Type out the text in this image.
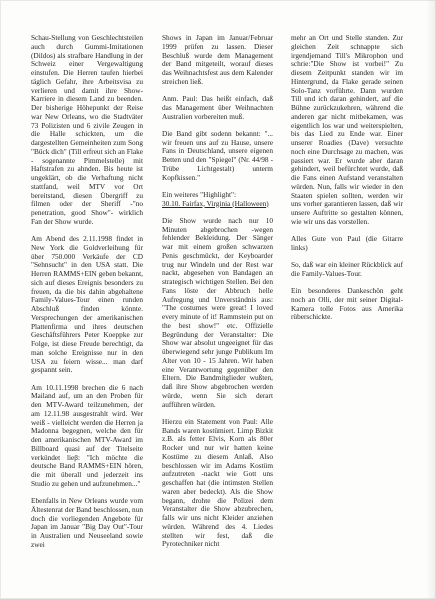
Schau-Stellung von Geschlechtsteilen auch durch Gummi-Imitationen (Dildos) als strafbare Handlung in der Schweiz einer Vergewaltigung einstufen. Die Herren taufen hierbei täglich Gefahr, ihre Arbeitsvisa zu verlieren und damit ihre Show-Karriere in diesem Land zu beenden. Der bisherige Höhepunkt der Reise war New Orleans, wo die Stadtväter 73 Polizisten und 6 zivile Zeugen in die Halle schickten, um die dargestellten Gemeinheiten zum Song "Bück dich" (Till erfreut sich an Flake - sogenannte Pimmelstelle) mit Haftstrafen zu ahnden. Bis heute ist ungeklärt, ob die Verhaftung nicht stattfand, weil MTV vor Ort bereitstand, diesen Übergriff zu filmen oder der Sheriff -"no penetration, good Show"- wirklich Fan der Show wurde.

Am Abend des 2.11.1998 findet in New York die Goldverleihung für über 750.000 Verkäufe der CD "Sehnsucht" in den USA statt. Die Herren RAMMS+EIN geben bekannt, sich auf dieses Ereignis besonders zu freuen, da die bis dahin abgehaltene Family-Values-Tour einen runden Abschluß finden könnte. Versprechungen der amerikanischen Plattenfirma und ihres deutschen Geschäftsführers Peter Koeppke zur Folge, ist diese Freude berechtigt, da man solche Ereignisse nur in den USA zu feiern wisse... man darf gespannt sein.

Am 10.11.1998 brechen die 6 nach Mailand auf, um an den Proben für den MTV-Award teilzunehmen, der am 12.11.98 ausgestrahlt wird. Wer weiß - vielleicht werden die Herren ja Madonna begegnen, welche den für den amerikanischen MTV-Award im Billboard quasi auf der Titelseite verkündet lieβ: "Ich möchte die deutsche Band RAMMS+EIN hören, die mit überall und jederzeit ins Studio zu gehen und aufzunehmen..."

Ebenfalls in New Orleans wurde vom Ältestenrat der Band beschlossen, nun doch die vorliegenden Angebote für Japan im Januar "Big Day Out"-Tour in Australien und Neuseeland sowie zwei

Shows in Japan im Januar/Februar 1999 prüfen zu lassen. Dieser Beschluß wurde dem Management der Band mitgeteilt, worauf dieses das Weihnachtsfest aus dem Kalender streichen ließ.

Anm. Paul: Das heißt einfach, daß das Management über Weihnachten Australien vorbereiten muß.

Die Band gibt sodenn bekannt: "... wir freuen uns auf zu Hause, unsere Fans in Deutschland, unsere eigenen Betten und den "Spiegel" (Nr. 44/98 - Trübe Lichtgestalt) unterm Kopfkissen."

Ein weiteres "Highlight":

30.10. Fairfax, Virginia (Halloween)

Die Show wurde nach nur 10 Minuten abgebrochen -wegen fehlender Bekleidung. Der Sänger war mit einem großen schwarzen Penis geschmückt, der Keyboarder trug nur Windeln und der Rest war nackt, abgesehen von Bandagen an strategisch wichtigen Stellen. Bei den Fans löste der Abbruch helle Aufregung und Unverständnis aus: "The costumes were great! I loved every minute of it! Rammstein put on the best show!" etc. Offizielle Begründung der Veranstalter: Die Show war absolut ungeeignet für das überwiegend sehr junge Publikum Im Alter von 10 - 15 Jahren. Wir haben eine Verantwortung gegenüber den Eltern. Die Bandmitglieder wußten, daß ihre Show abgebrochen werden würde, wenn Sie sich derart aufführen würden.

Hierzu ein Statement von Paul: Alle Bands waren kostümiert. Limp Bizkit z.B. als fetter Elvis, Korn als 80er Rocker und nur wir hatten keine Kostüme zu diesem Anlaß. Also beschlossen wir im Adams Kostüm aufzutreten -nackt wie Gott uns geschaffen hat (die intimsten Stellen waren aber bedeckt). Als die Show begann, drohte die Polizei dem Veranstalter die Show abzubrechen, falls wir uns nicht Kleider anziehen würden. Während des 4. Liedes stellten wir fest, daß die Pyrotechniker nicht

mehr an Ort und Stelle standen. Zur gleichen Zeit schnappte sich irgendjemand Till's Mikrophon und schrie:"Die Show ist vorbei!" Zu diesem Zeitpunkt standen wir im Hintergrund, da Flake gerade seinen Solo-Tanz vorführte. Dann wurden Till und ich daran gehindert, auf die Bühne zurückzukehren, während die anderen gar nicht mitbekamen, was eigentlich los war und weiterspielten, bis das Lied zu Ende war. Einer unserer Roadies (Dave) versuchte noch eine Durchsage zu machen, was passiert war. Er wurde aber daran gehindert, weil befürchtet wurde, daß die Fans einen Aufstand veranstalten würden. Nun, falls wir wieder in den Staaten spielen sollten, werden wir uns vorher garantieren lassen, daß wir unsere Auftritte so gestalten können, wie wir uns das vorstellen.

Alles Gute von Paul (die Gitarre links)

So, daß war ein kleiner Rückblick auf die Family-Values-Tour.

Ein besonderes Dankeschön geht noch an Olli, der mit seiner Digital-Kamera tolle Fotos aus Amerika rüberschickte.
